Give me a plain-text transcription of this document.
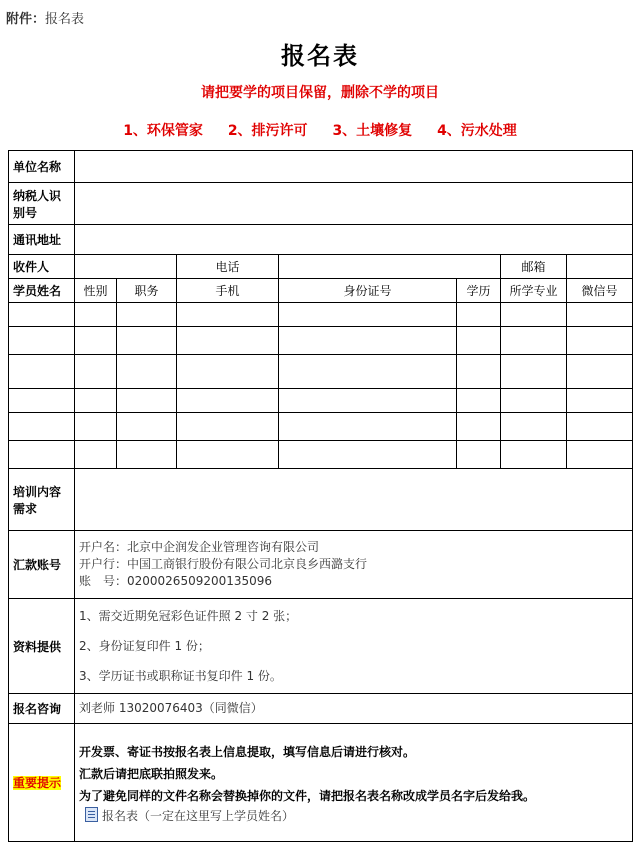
附件：报名表
报名表
请把要学的项目保留，删除不学的项目
1、环保管家 2、排污许可 3、土壤修复 4、污水处理
单位名称							
纳税人识别号							
通讯地址							
收件人			电话			邮箱	
学员姓名	性别	职务	手机	身份证号	学历	所学专业	微信号

培训内容需求							
汇款账号	开户名：北京中企润发企业管理咨询有限公司
开户行：中国工商银行股份有限公司北京良乡西潞支行
账　号：0200026509200135096						

资料提供	1、需交近期免冠彩色证件照 2 寸 2 张；
2、身份证复印件 1 份；
3、学历证书或职称证书复印件 1 份。						

报名咨询	刘老师 13020076403（同微信）						
重要提示	开发票、寄证书按报名表上信息提取，填写信息后请进行核对。
汇款后请把底联拍照发来。
为了避免同样的文件名称会替换掉你的文件，请把报名表名称改成学员名字后发给我。
报名表（一定在这里写上学员姓名）						
